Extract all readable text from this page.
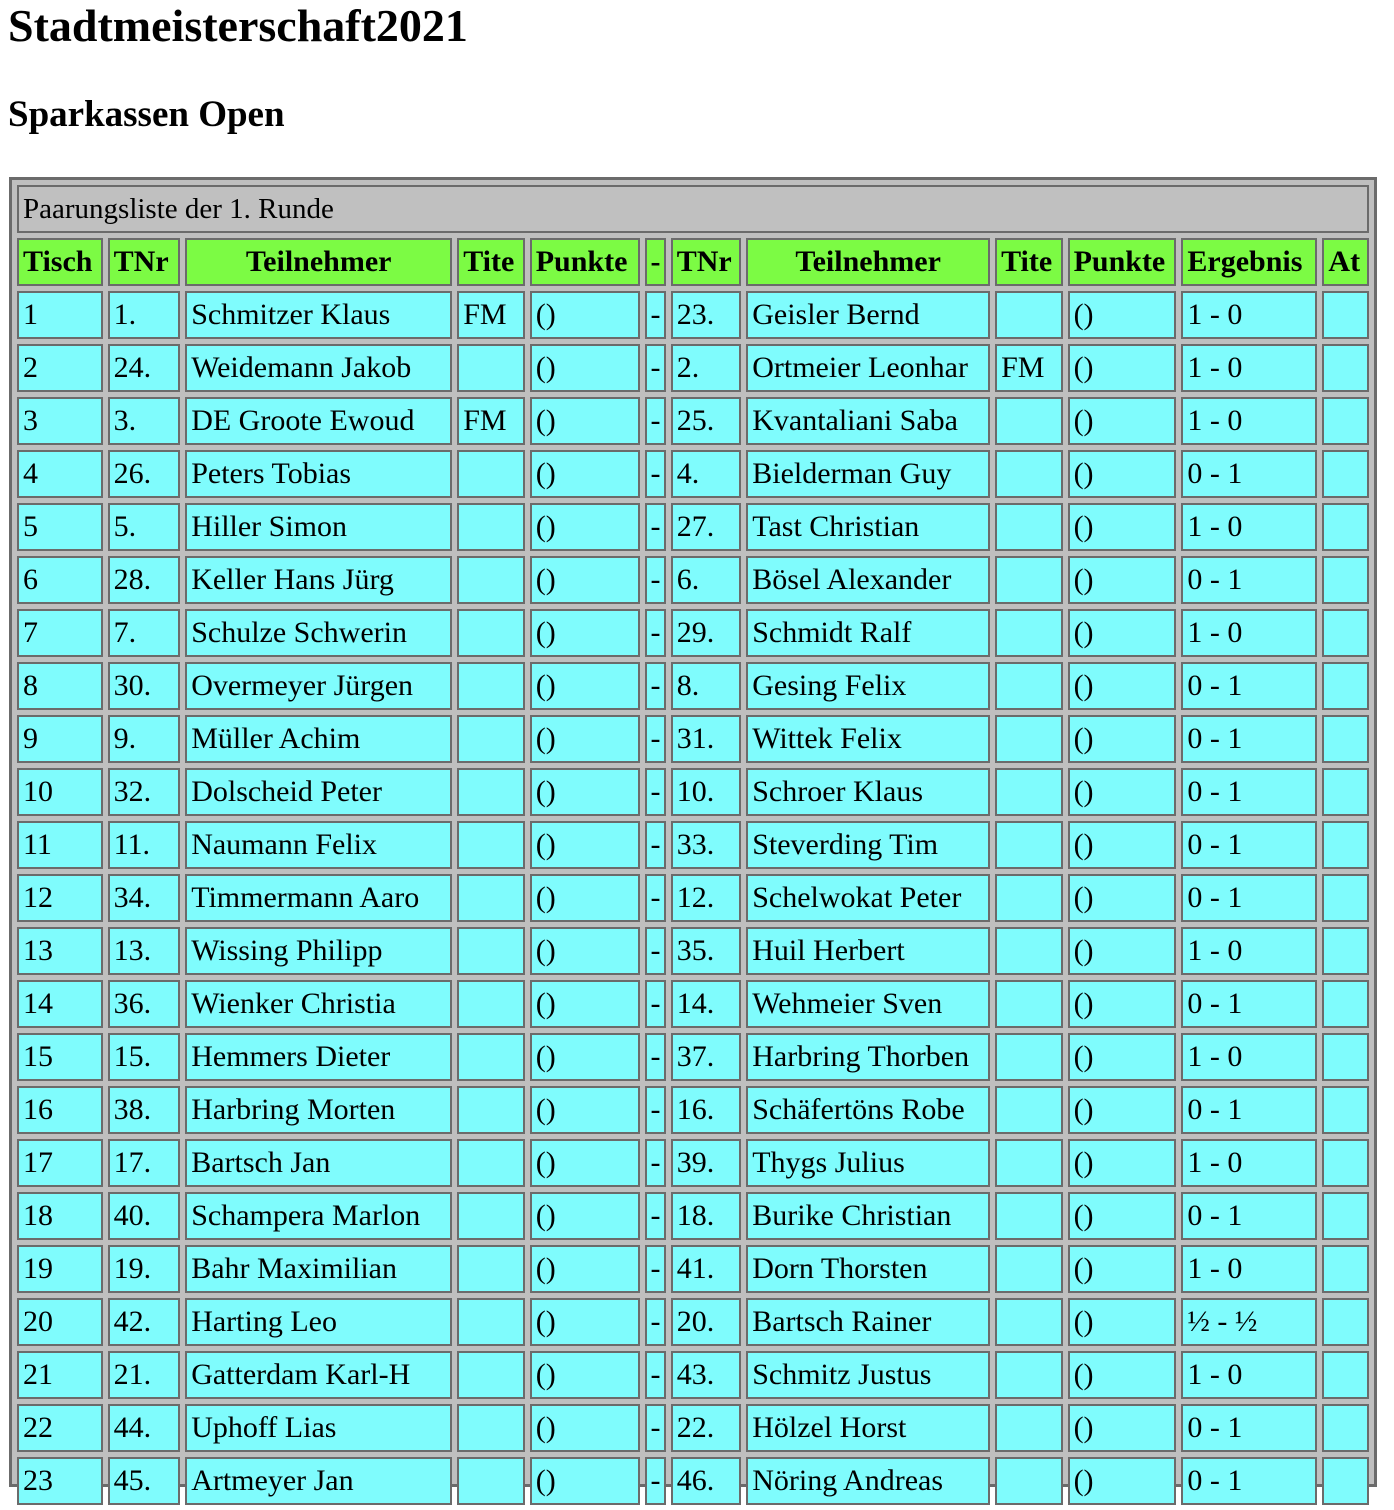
Stadtmeisterschaft2021
Sparkassen Open
Paarungsliste der 1. Runde											
Tisch	TNr	Teilnehmer	Tite	Punkte	-	TNr	Teilnehmer	Tite	Punkte	Ergebnis	At
1	1.	Schmitzer Klaus	FM	()	-	23.	Geisler Bernd		()	1 - 0	
2	24.	Weidemann Jakob		()	-	2.	Ortmeier Leonhar	FM	()	1 - 0	
3	3.	DE Groote Ewoud	FM	()	-	25.	Kvantaliani Saba		()	1 - 0	
4	26.	Peters Tobias		()	-	4.	Bielderman Guy		()	0 - 1	
5	5.	Hiller Simon		()	-	27.	Tast Christian		()	1 - 0	
6	28.	Keller Hans Jürg		()	-	6.	Bösel Alexander		()	0 - 1	
7	7.	Schulze Schwerin		()	-	29.	Schmidt Ralf		()	1 - 0	
8	30.	Overmeyer Jürgen		()	-	8.	Gesing Felix		()	0 - 1	
9	9.	Müller Achim		()	-	31.	Wittek Felix		()	0 - 1	
10	32.	Dolscheid Peter		()	-	10.	Schroer Klaus		()	0 - 1	
11	11.	Naumann Felix		()	-	33.	Steverding Tim		()	0 - 1	
12	34.	Timmermann Aaro		()	-	12.	Schelwokat Peter		()	0 - 1	
13	13.	Wissing Philipp		()	-	35.	Huil Herbert		()	1 - 0	
14	36.	Wienker Christia		()	-	14.	Wehmeier Sven		()	0 - 1	
15	15.	Hemmers Dieter		()	-	37.	Harbring Thorben		()	1 - 0	
16	38.	Harbring Morten		()	-	16.	Schäfertöns Robe		()	0 - 1	
17	17.	Bartsch Jan		()	-	39.	Thygs Julius		()	1 - 0	
18	40.	Schampera Marlon		()	-	18.	Burike Christian		()	0 - 1	
19	19.	Bahr Maximilian		()	-	41.	Dorn Thorsten		()	1 - 0	
20	42.	Harting Leo		()	-	20.	Bartsch Rainer		()	½ - ½	
21	21.	Gatterdam Karl-H		()	-	43.	Schmitz Justus		()	1 - 0	
22	44.	Uphoff Lias		()	-	22.	Hölzel Horst		()	0 - 1	
23	45.	Artmeyer Jan		()	-	46.	Nöring Andreas		()	0 - 1	
